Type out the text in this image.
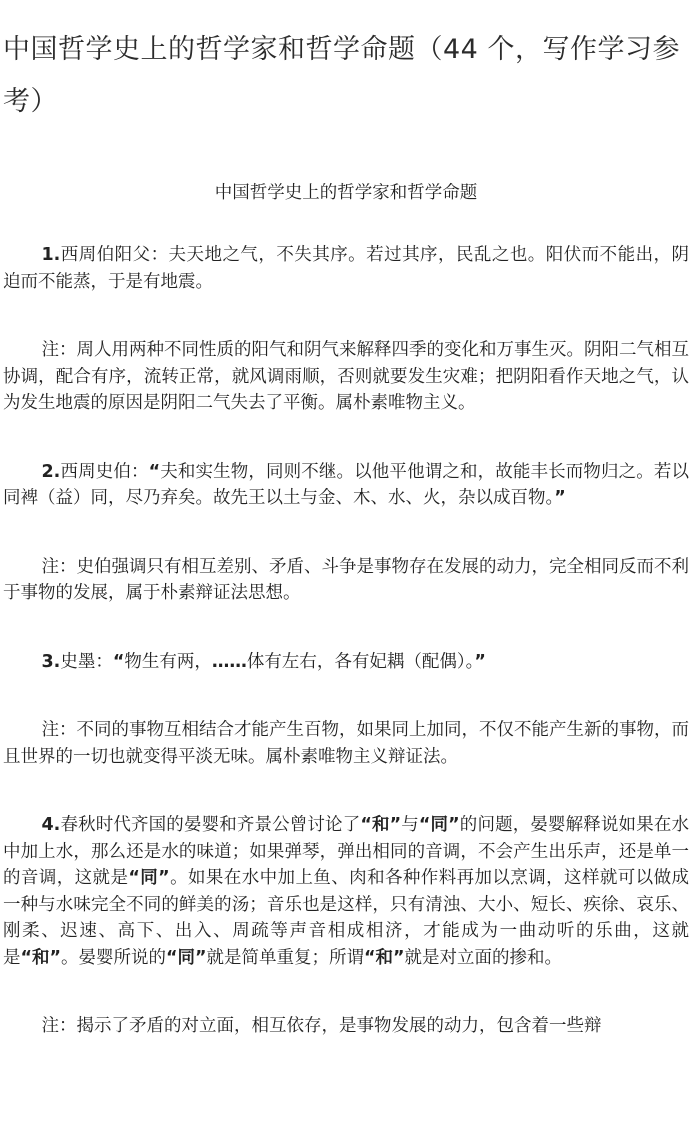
中国哲学史上的哲学家和哲学命题（44 个，写作学习参考）

中国哲学史上的哲学家和哲学命题

1.西周伯阳父：夫天地之气，不失其序。若过其序，民乱之也。阳伏而不能出，阴迫而不能蒸，于是有地震。

注：周人用两种不同性质的阳气和阴气来解释四季的变化和万事生灭。阴阳二气相互协调，配合有序，流转正常，就风调雨顺，否则就要发生灾难；把阴阳看作天地之气，认为发生地震的原因是阴阳二气失去了平衡。属朴素唯物主义。

2.西周史伯：“夫和实生物，同则不继。以他平他谓之和，故能丰长而物归之。若以同裨（益）同，尽乃弃矣。故先王以土与金、木、水、火，杂以成百物。”

注：史伯强调只有相互差别、矛盾、斗争是事物存在发展的动力，完全相同反而不利于事物的发展，属于朴素辩证法思想。

3.史墨：“物生有两，……体有左右，各有妃耦（配偶）。”

注：不同的事物互相结合才能产生百物，如果同上加同，不仅不能产生新的事物，而且世界的一切也就变得平淡无味。属朴素唯物主义辩证法。

4.春秋时代齐国的晏婴和齐景公曾讨论了“和”与“同”的问题，晏婴解释说如果在水中加上水，那么还是水的味道；如果弹琴，弹出相同的音调，不会产生出乐声，还是单一的音调，这就是“同”。如果在水中加上鱼、肉和各种作料再加以烹调，这样就可以做成一种与水味完全不同的鲜美的汤；音乐也是这样，只有清浊、大小、短长、疾徐、哀乐、刚柔、迟速、高下、出入、周疏等声音相成相济，才能成为一曲动听的乐曲，这就是“和”。晏婴所说的“同”就是简单重复；所谓“和”就是对立面的掺和。

注：揭示了矛盾的对立面，相互依存，是事物发展的动力，包含着一些辩
